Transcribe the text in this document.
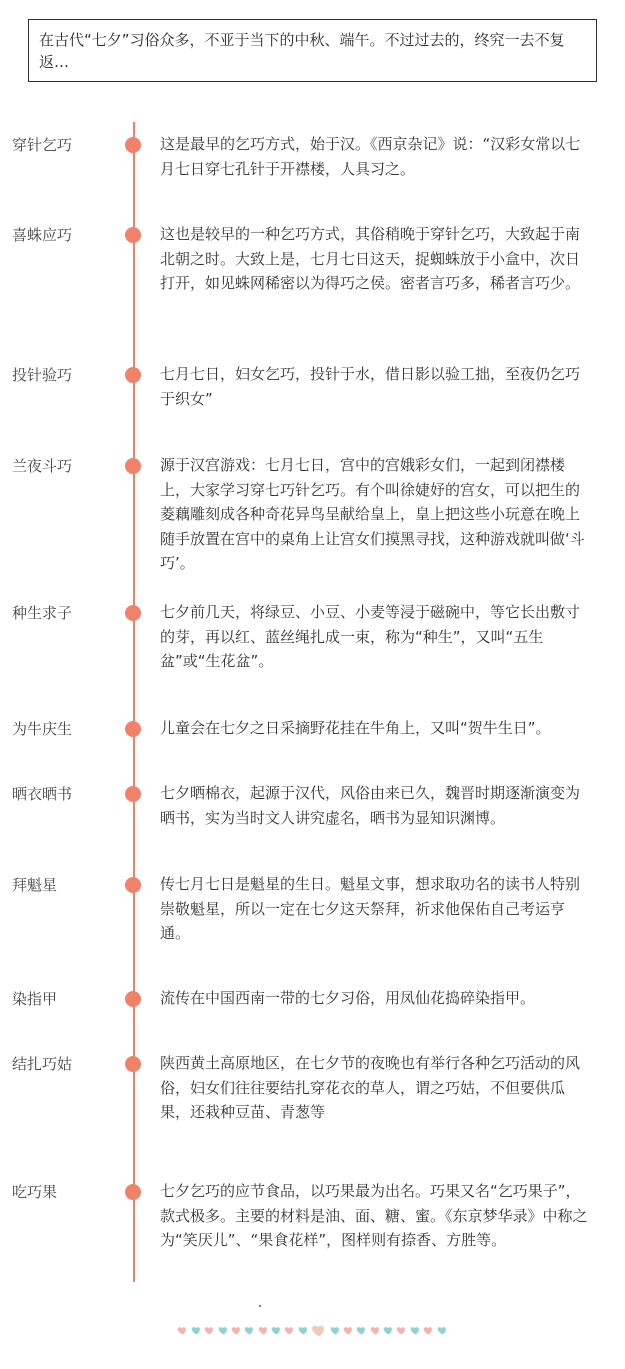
在古代“七夕”习俗众多，不亚于当下的中秋、端午。不过过去的，终究一去不复返…
穿针乞巧	这是最早的乞巧方式，始于汉。《西京杂记》说：“汉彩女常以七月七日穿七孔针于开襟楼，人具习之。
喜蛛应巧	这也是较早的一种乞巧方式，其俗稍晚于穿针乞巧，大致起于南北朝之时。大致上是，七月七日这天，捉蜘蛛放于小盒中，次日打开，如见蛛网稀密以为得巧之侯。密者言巧多，稀者言巧少。
投针验巧	七月七日，妇女乞巧，投针于水，借日影以验工拙，至夜仍乞巧于织女”
兰夜斗巧	源于汉宫游戏：七月七日，宫中的宫娥彩女们，一起到闭襟楼上，大家学习穿七巧针乞巧。有个叫徐婕妤的宫女，可以把生的菱藕雕刻成各种奇花异鸟呈献给皇上，皇上把这些小玩意在晚上随手放置在宫中的桌角上让宫女们摸黑寻找，这种游戏就叫做‘斗巧’。
种生求子	七夕前几天，将绿豆、小豆、小麦等浸于磁碗中，等它长出敷寸的芽，再以红、蓝丝绳扎成一束，称为“种生”，又叫“五生盆”或“生花盆”。
为牛庆生	儿童会在七夕之日采摘野花挂在牛角上，又叫“贺牛生日”。
晒衣晒书	七夕晒棉衣，起源于汉代，风俗由来已久，魏晋时期逐渐演变为晒书，实为当时文人讲究虚名，晒书为显知识渊博。
拜魁星	传七月七日是魁星的生日。魁星文事，想求取功名的读书人特别崇敬魁星，所以一定在七夕这天祭拜，祈求他保佑自己考运亨通。
染指甲	流传在中国西南一带的七夕习俗，用凤仙花捣碎染指甲。
结扎巧姑	陕西黄土高原地区，在七夕节的夜晚也有举行各种乞巧活动的风俗，妇女们往往要结扎穿花衣的草人，谓之巧姑，不但要供瓜果，还栽种豆苗、青葱等
吃巧果	七夕乞巧的应节食品，以巧果最为出名。巧果又名“乞巧果子”，款式极多。主要的材料是油、面、糖、蜜。《东京梦华录》中称之为“笑厌儿”、“果食花样”，图样则有捺香、方胜等。
